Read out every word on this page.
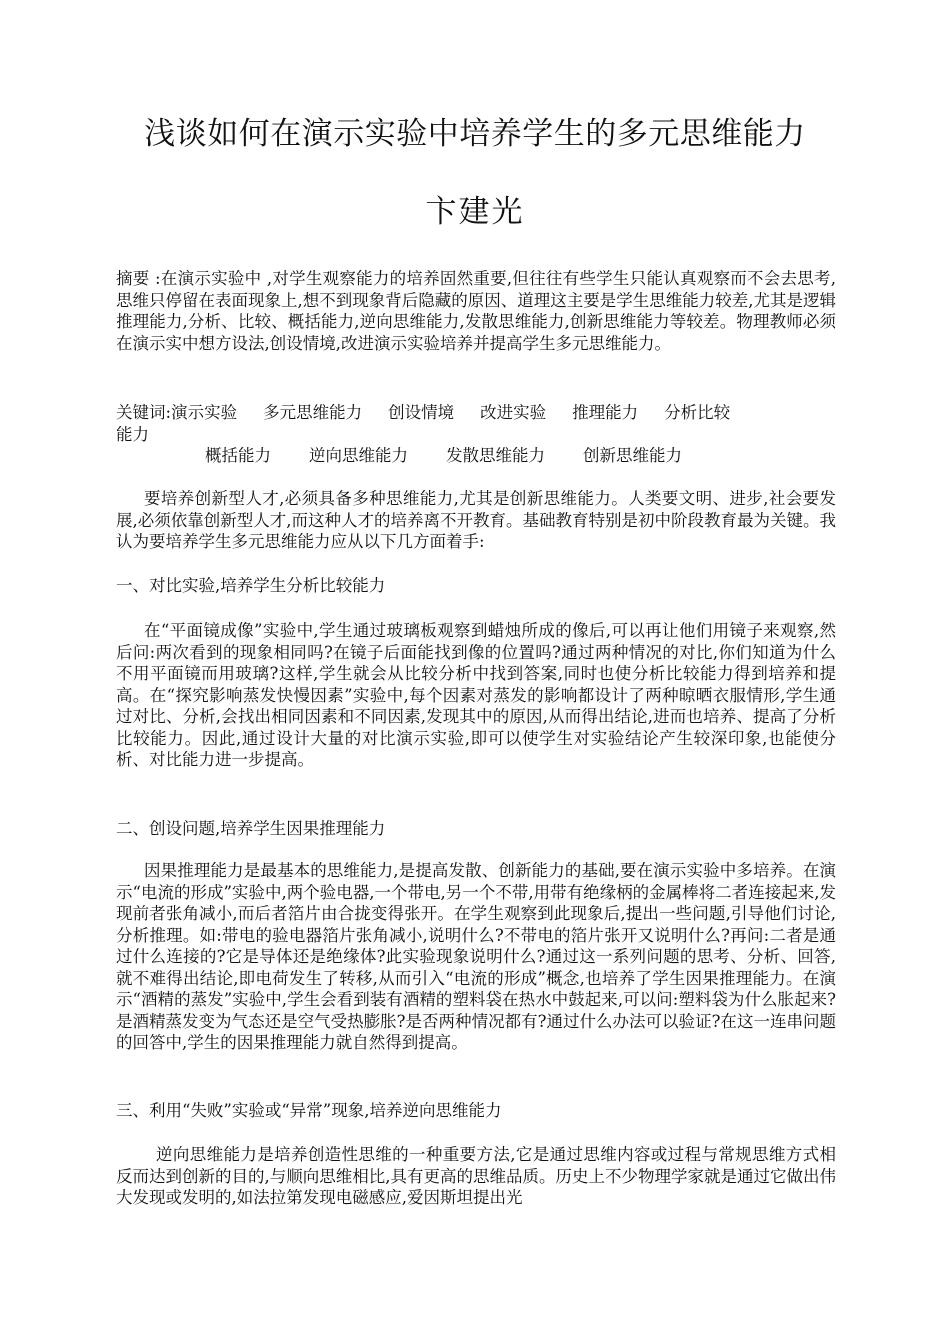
浅谈如何在演示实验中培养学生的多元思维能力
卞建光
摘要 :在演示实验中 ,对学生观察能力的培养固然重要,但往往有些学生只能认真观察而不会去思考,思维只停留在表面现象上,想不到现象背后隐藏的原因、道理这主要是学生思维能力较差,尤其是逻辑推理能力,分析、比较、概括能力,逆向思维能力,发散思维能力,创新思维能力等较差。物理教师必须在演示实中想方设法,创设情境,改进演示实验培养并提高学生多元思维能力。
关键词:演示实验 多元思维能力 创设情境 改进实验 推理能力 分析比较
能力
概括能力 逆向思维能力 发散思维能力 创新思维能力
要培养创新型人才,必须具备多种思维能力,尤其是创新思维能力。人类要文明、进步,社会要发展,必须依靠创新型人才,而这种人才的培养离不开教育。基础教育特别是初中阶段教育最为关键。我认为要培养学生多元思维能力应从以下几方面着手:
一、对比实验,培养学生分析比较能力
在“平面镜成像”实验中,学生通过玻璃板观察到蜡烛所成的像后,可以再让他们用镜子来观察,然后问:两次看到的现象相同吗?在镜子后面能找到像的位置吗?通过两种情况的对比,你们知道为什么不用平面镜而用玻璃?这样,学生就会从比较分析中找到答案,同时也使分析比较能力得到培养和提高。在“探究影响蒸发快慢因素”实验中,每个因素对蒸发的影响都设计了两种晾晒衣服情形,学生通过对比、分析,会找出相同因素和不同因素,发现其中的原因,从而得出结论,进而也培养、提高了分析比较能力。因此,通过设计大量的对比演示实验,即可以使学生对实验结论产生较深印象,也能使分析、对比能力进一步提高。
二、创设问题,培养学生因果推理能力
因果推理能力是最基本的思维能力,是提高发散、创新能力的基础,要在演示实验中多培养。在演示“电流的形成”实验中,两个验电器,一个带电,另一个不带,用带有绝缘柄的金属棒将二者连接起来,发现前者张角减小,而后者箔片由合拢变得张开。在学生观察到此现象后,提出一些问题,引导他们讨论,分析推理。如:带电的验电器箔片张角减小,说明什么?不带电的箔片张开又说明什么?再问:二者是通过什么连接的?它是导体还是绝缘体?此实验现象说明什么?通过这一系列问题的思考、分析、回答,就不难得出结论,即电荷发生了转移,从而引入“电流的形成”概念,也培养了学生因果推理能力。在演示“酒精的蒸发”实验中,学生会看到装有酒精的塑料袋在热水中鼓起来,可以问:塑料袋为什么胀起来?是酒精蒸发变为气态还是空气受热膨胀?是否两种情况都有?通过什么办法可以验证?在这一连串问题的回答中,学生的因果推理能力就自然得到提高。
三、利用“失败”实验或“异常”现象,培养逆向思维能力
逆向思维能力是培养创造性思维的一种重要方法,它是通过思维内容或过程与常规思维方式相反而达到创新的目的,与顺向思维相比,具有更高的思维品质。历史上不少物理学家就是通过它做出伟大发现或发明的,如法拉第发现电磁感应,爱因斯坦提出光
